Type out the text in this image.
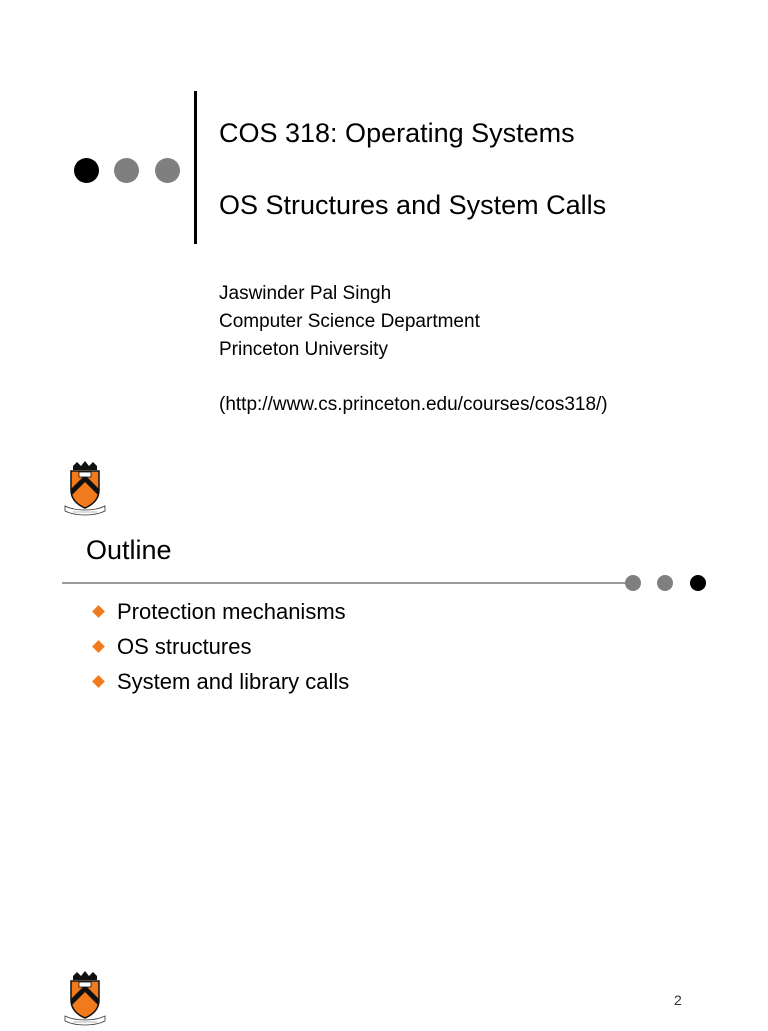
COS 318: Operating Systems
OS Structures and System Calls
Jaswinder Pal Singh
Computer Science Department
Princeton University
(http://www.cs.princeton.edu/courses/cos318/)
Outline
Protection mechanisms
OS structures
System and library calls
2
